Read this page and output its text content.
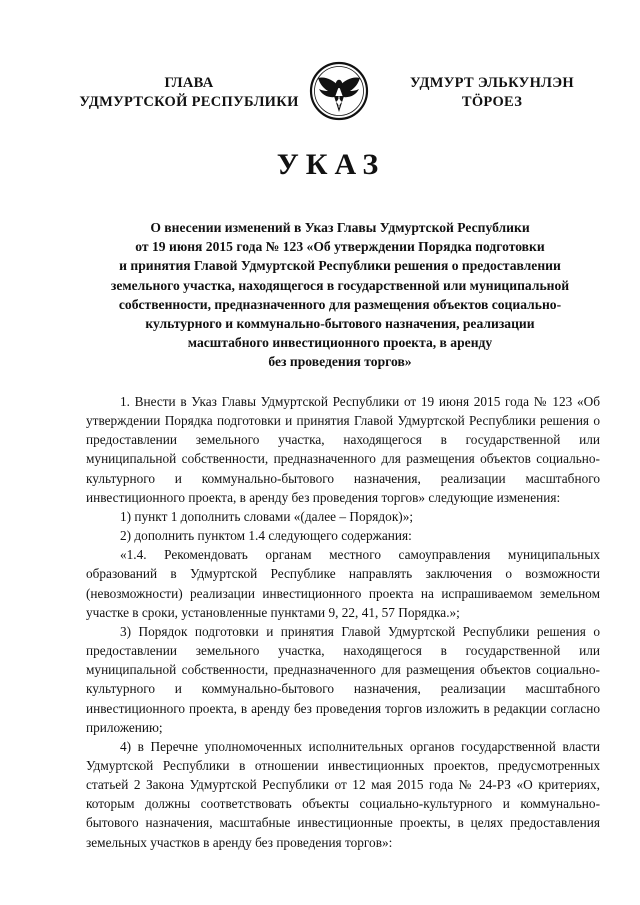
ГЛАВА
УДМУРТСКОЙ РЕСПУБЛИКИ
УДМУРТ ЭЛЬКУНЛЭН
ТӦРОЕЗ
УКАЗ
О внесении изменений в Указ Главы Удмуртской Республики
от 19 июня 2015 года № 123 «Об утверждении Порядка подготовки
и принятия Главой Удмуртской Республики решения о предоставлении
земельного участка, находящегося в государственной или муниципальной
собственности, предназначенного для размещения объектов социально-
культурного и коммунально-бытового назначения, реализации
масштабного инвестиционного проекта, в аренду
без проведения торгов»

1. Внести в Указ Главы Удмуртской Республики от 19 июня 2015 года № 123 «Об утверждении Порядка подготовки и принятия Главой Удмуртской Республики решения о предоставлении земельного участка, находящегося в государственной или муниципальной собственности, предназначенного для размещения объектов социально-культурного и коммунально-бытового назначения, реализации масштабного инвестиционного проекта, в аренду без проведения торгов» следующие изменения:

1) пункт 1 дополнить словами «(далее – Порядок)»;

2) дополнить пунктом 1.4 следующего содержания:

«1.4. Рекомендовать органам местного самоуправления муниципальных образований в Удмуртской Республике направлять заключения о возможности (невозможности) реализации инвестиционного проекта на испрашиваемом земельном участке в сроки, установленные пунктами 9, 22, 41, 57 Порядка.»;

3) Порядок подготовки и принятия Главой Удмуртской Республики решения о предоставлении земельного участка, находящегося в государственной или муниципальной собственности, предназначенного для размещения объектов социально-культурного и коммунально-бытового назначения, реализации масштабного инвестиционного проекта, в аренду без проведения торгов изложить в редакции согласно приложению;

4) в Перечне уполномоченных исполнительных органов государственной власти Удмуртской Республики в отношении инвестиционных проектов, предусмотренных статьей 2 Закона Удмуртской Республики от 12 мая 2015 года № 24-РЗ «О критериях, которым должны соответствовать объекты социально-культурного и коммунально-бытового назначения, масштабные инвестиционные проекты, в целях предоставления земельных участков в аренду без проведения торгов»:
